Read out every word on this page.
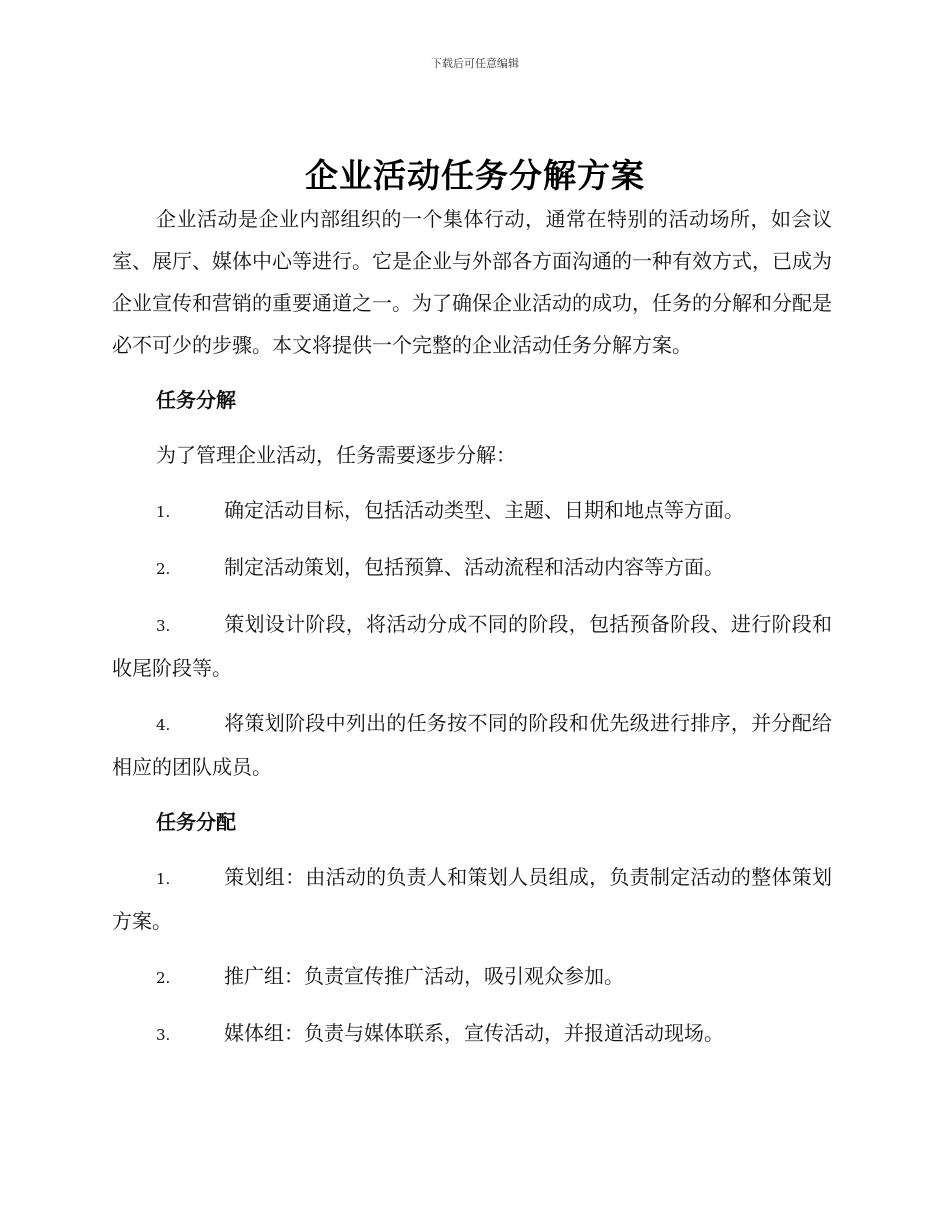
下载后可任意编辑
企业活动任务分解方案

企业活动是企业内部组织的一个集体行动，通常在特别的活动场所，如会议室、展厅、媒体中心等进行。它是企业与外部各方面沟通的一种有效方式，已成为企业宣传和营销的重要通道之一。为了确保企业活动的成功，任务的分解和分配是必不可少的步骤。本文将提供一个完整的企业活动任务分解方案。

任务分解

为了管理企业活动，任务需要逐步分解：

1.	确定活动目标，包括活动类型、主题、日期和地点等方面。

2.	制定活动策划，包括预算、活动流程和活动内容等方面。

3.	策划设计阶段，将活动分成不同的阶段，包括预备阶段、进行阶段和收尾阶段等。

4.	将策划阶段中列出的任务按不同的阶段和优先级进行排序，并分配给相应的团队成员。

任务分配

1.	策划组：由活动的负责人和策划人员组成，负责制定活动的整体策划方案。

2.	推广组：负责宣传推广活动，吸引观众参加。

3.	媒体组：负责与媒体联系，宣传活动，并报道活动现场。
